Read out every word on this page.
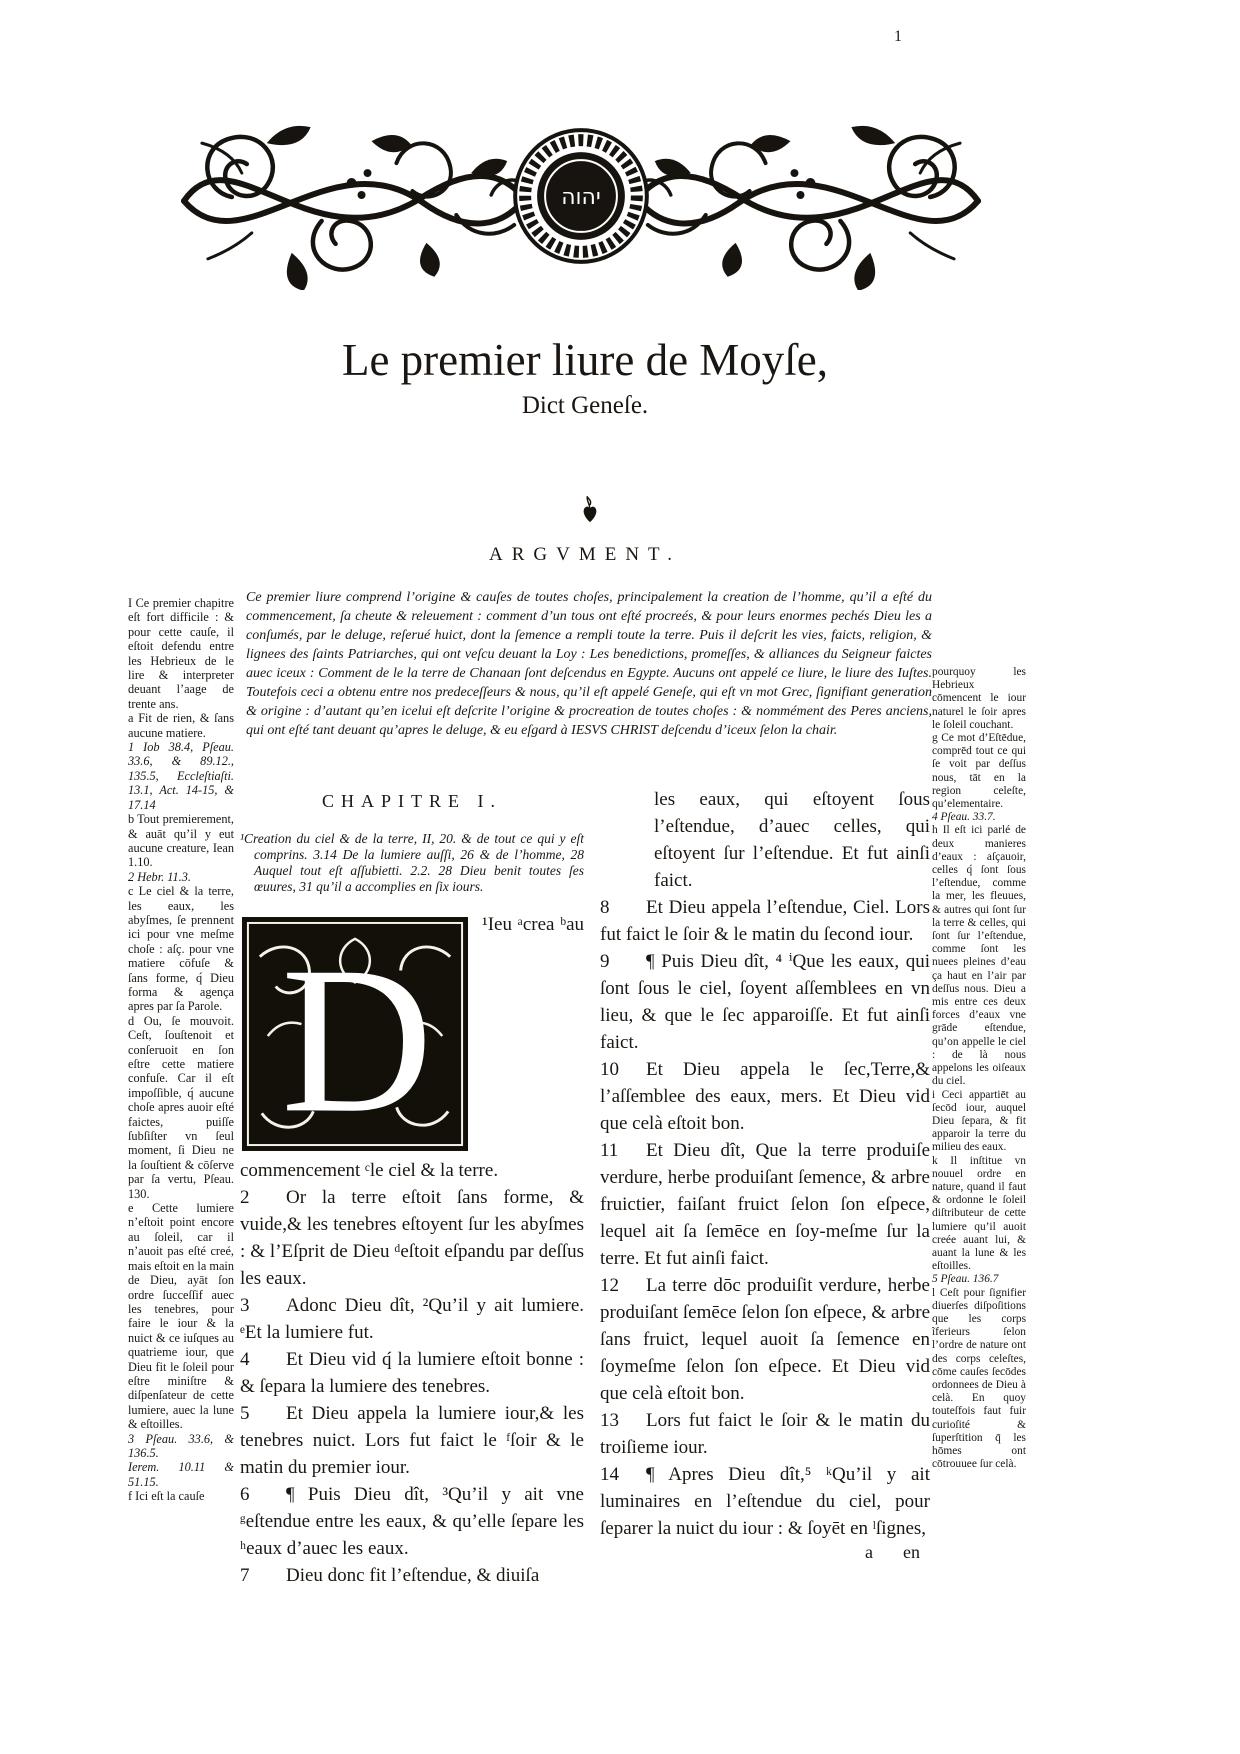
1
יהוה
Le premier liure de Moyſe,
Dict Geneſe.
ARGVMENT.
Ce premier liure comprend l’origine & cauſes de toutes choſes, principalement la creation de l’homme, qu’il a eſté du commencement, ſa cheute & releuement : comment d’un tous ont eſté procreés, & pour leurs enormes pechés Dieu les a conſumés, par le deluge, reſerué huict, dont la ſemence a rempli toute la terre. Puis il deſcrit les vies, faicts, religion, & lignees des ſaints Patriarches, qui ont veſcu deuant la Loy : Les benedictions, promeſſes, & alliances du Seigneur faictes auec iceux : Comment de le la terre de Chanaan ſont deſcendus en Egypte. Aucuns ont appelé ce liure, le liure des Iuſtes. Toutefois ceci a obtenu entre nos predeceſſeurs & nous, qu’il eſt appelé Geneſe, qui eſt vn mot Grec, ſignifiant generation & origine : d’autant qu’en icelui eſt deſcrite l’origine & procreation de toutes choſes : & nommément des Peres anciens, qui ont eſté tant deuant qu’apres le deluge, & eu eſgard à IESVS CHRIST deſcendu d’iceux ſelon la chair.

I Ce premier chapitre eſt fort difficile : & pour cette cauſe, il eſtoit defendu entre les Hebrieux de le lire & interpreter deuant l’aage de trente ans.

a Fit de rien, & ſans aucune matiere.

1 Iob 38.4, Pſeau. 33.6, & 89.12., 135.5, Eccleſtiaſti. 13.1, Act. 14-15, & 17.14

b Tout premierement, & auāt qu’il y eut aucune creature, Iean 1.10.

2 Hebr. 11.3.

c Le ciel & la terre, les eaux, les abyſmes, ſe prennent ici pour vne meſme choſe : aſç. pour vne matiere cōfuſe & ſans forme, q́ Dieu forma & agença apres par ſa Parole.

d Ou, ſe mouvoit. Ceſt, ſouſtenoit et conſeruoit en ſon eſtre cette matiere confuſe. Car il eſt impoſſible, q́ aucune choſe apres auoir eſté faictes, puiſſe ſubſiſter vn ſeul moment, ſi Dieu ne la ſouſtient & cōſerve par ſa vertu, Pſeau. 130.

e Cette lumiere n’eſtoit point encore au ſoleil, car il n’auoit pas eſté creé, mais eſtoit en la main de Dieu, ayāt ſon ordre ſucceſſif auec les tenebres, pour faire le iour & la nuict & ce iuſques au quatrieme iour, que Dieu fit le ſoleil pour eſtre miniſtre & diſpenſateur de cette lumiere, auec la lune & eſtoilles.

3 Pſeau. 33.6, & 136.5.

Ierem. 10.11 & 51.15.

f Ici eſt la cauſe

pourquoy les Hebrieux cōmencent le iour naturel le ſoir apres le ſoleil couchant.

g Ce mot d’Eſtēdue, comprēd tout ce qui ſe voit par deſſus nous, tāt en la region celeſte, qu’elementaire.

4 Pſeau. 33.7.

h Il eſt ici parlé de deux manieres d’eaux : aſçauoir, celles q́ ſont ſous l’eſtendue, comme la mer, les fleuues, & autres qui ſont ſur la terre & celles, qui ſont ſur l’eſtendue, comme ſont les nuees pleines d’eau ça haut en l’air par deſſus nous. Dieu a mis entre ces deux forces d’eaux vne grāde eſtendue, qu’on appelle le ciel : de là nous appelons les oiſeaux du ciel.

i Ceci appartiēt au ſecōd iour, auquel Dieu ſepara, & fit apparoir la terre du milieu des eaux.

k Il inſtitue vn nouuel ordre en nature, quand il faut & ordonne le ſoleil diſtributeur de cette lumiere qu’il auoit creée auant lui, & auant la lune & les eſtoilles.

5 Pſeau. 136.7

l Ceſt pour ſignifier diuerſes diſpoſitions que les corps ĩferieurs ſelon l’ordre de nature ont des corps celeſtes, cōme cauſes ſecōdes ordonnees de Dieu à celà. En quoy touteſfois faut fuir curioſité & ſuperſtition q̄ les hōmes ont cōtrouuee ſur celà.

CHAPITRE I.

¹Creation du ciel & de la terre, II, 20. & de tout ce qui y eſt comprins. 3.14 De la lumiere auſſi, 26 & de l’homme, 28 Auquel tout eſt aſſubietti. 2.2. 28 Dieu benit toutes ſes œuures, 31 qu’il a accomplies en ſix iours.

D	¹Ieu ᵃcrea ᵇau commencement ᶜle ciel & la terre.

2 Or la terre eſtoit ſans forme, & vuide,& les tenebres eſtoyent ſur les abyſmes : & l’Eſprit de Dieu ᵈeſtoit eſpandu par deſſus les eaux.

3 Adonc Dieu dît, ²Qu’il y ait lumiere. ᵉEt la lumiere fut.

4 Et Dieu vid q́ la lumiere eſtoit bonne : & ſepara la lumiere des tenebres.

5 Et Dieu appela la lumiere iour,& les tenebres nuict. Lors fut faict le ᶠſoir & le matin du premier iour.

6 ¶ Puis Dieu dît, ³Qu’il y ait vne ᵍeſtendue entre les eaux, & qu’elle ſepare les ʰeaux d’auec les eaux.

7 Dieu donc fit l’eſtendue, & diuiſa

les eaux, qui eſtoyent ſous l’eſtendue, d’auec celles, qui eſtoyent ſur l’eſtendue. Et fut ainſi faict.

8 Et Dieu appela l’eſtendue, Ciel. Lors fut faict le ſoir & le matin du ſecond iour.

9 ¶ Puis Dieu dît, ⁴ ⁱQue les eaux, qui ſont ſous le ciel, ſoyent aſſemblees en vn lieu, & que le ſec apparoiſſe. Et fut ainſi faict.

10 Et Dieu appela le ſec,Terre,& l’aſſemblee des eaux, mers. Et Dieu vid que celà eſtoit bon.

11 Et Dieu dît, Que la terre produiſe verdure, herbe produiſant ſemence, & arbre fruictier, faiſant fruict ſelon ſon eſpece, lequel ait ſa ſemēce en ſoy-meſme ſur la terre. Et fut ainſi faict.

12 La terre dōc produiſit verdure, herbe produiſant ſemēce ſelon ſon eſpece, & arbre ſans fruict, lequel auoit ſa ſemence en ſoymeſme ſelon ſon eſpece. Et Dieu vid que celà eſtoit bon.

13 Lors fut faict le ſoir & le matin du troiſieme iour.

14 ¶ Apres Dieu dît,⁵ ᵏQu’il y ait luminaires en l’eſtendue du ciel, pour ſeparer la nuict du iour : & ſoyēt en ˡſignes,

a en
